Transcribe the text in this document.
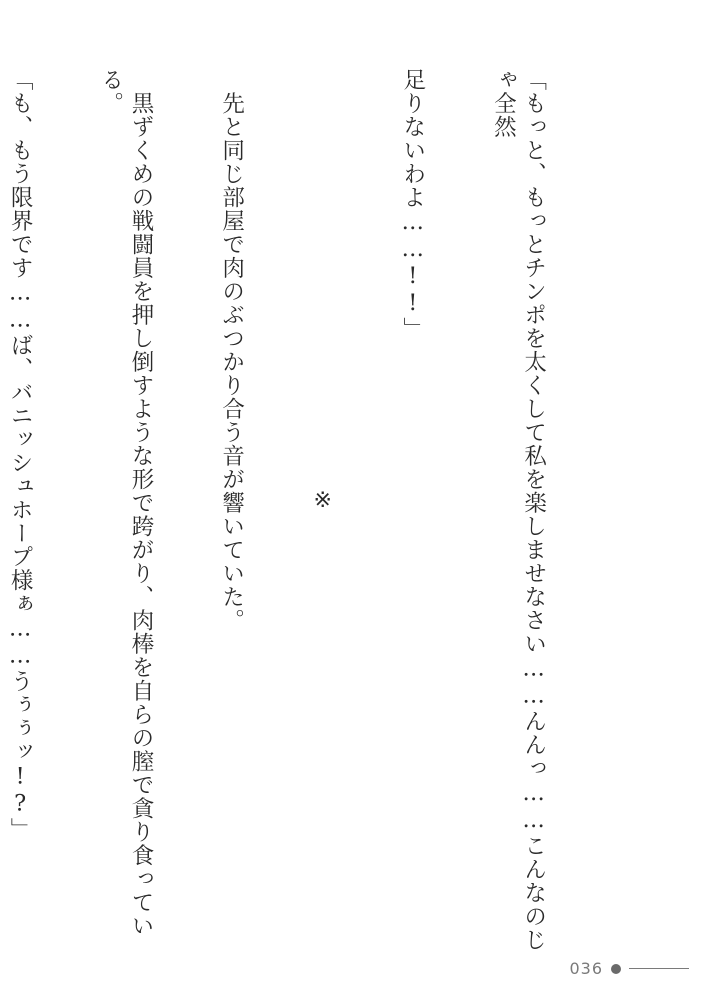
「もっと、もっとチンポを太くして私を楽しませなさい……んんっ……こんなのじゃ全然

足りないわよ……!!」

※

　先と同じ部屋で肉のぶつかり合う音が響いていた。

　黒ずくめの戦闘員を押し倒すような形で跨がり、肉棒を自らの膣で貪り食っている。

「も、もう限界です……ば、バニッシュホープ様ぁ……うぅぅッ!?」

036
